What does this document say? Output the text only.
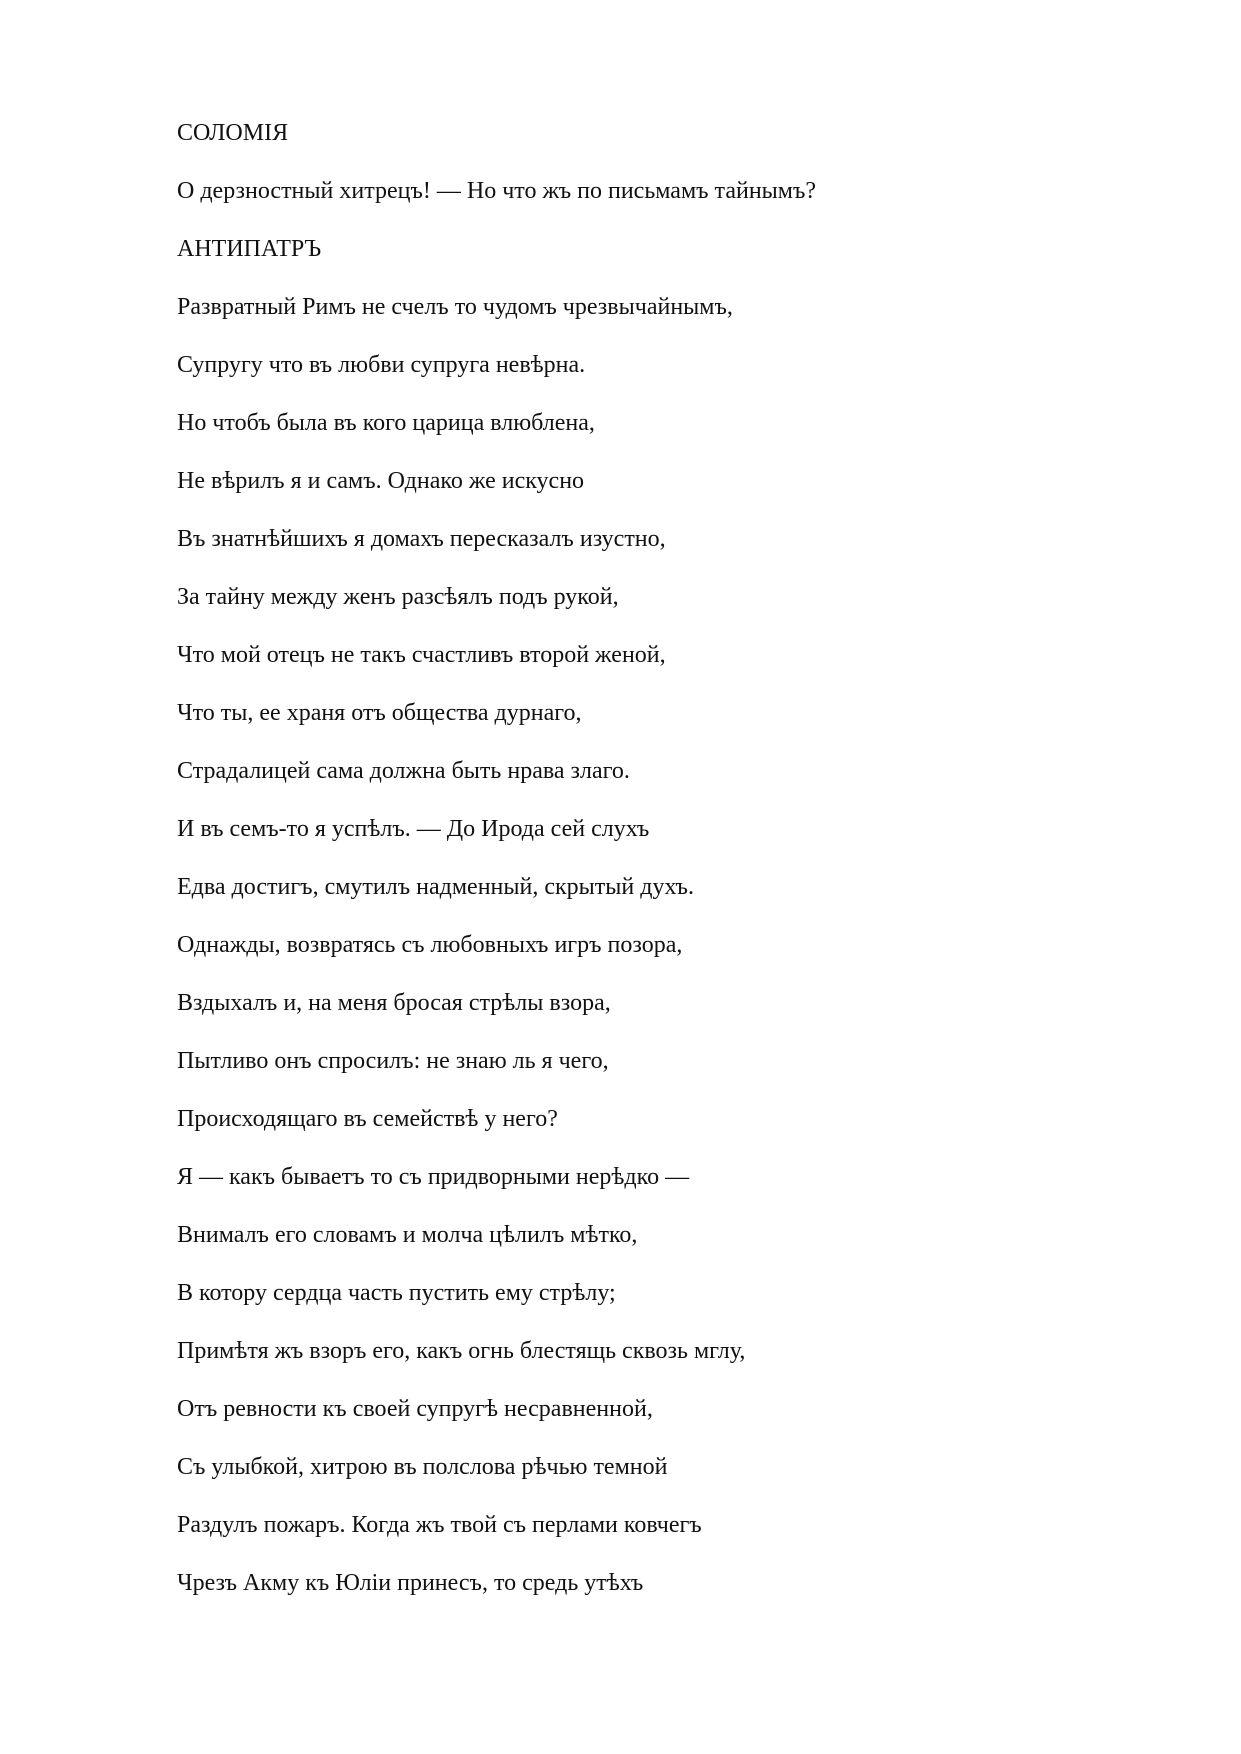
СОЛОМІЯ

О дерзностный хитрецъ! — Но что жъ по письмамъ тайнымъ?

АНТИПАТРЪ

Развратный Римъ не счелъ то чудомъ чрезвычайнымъ,

Супругу что въ любви супруга невѣрна.

Но чтобъ была въ кого царица влюблена,

Не вѣрилъ я и самъ. Однако же искусно

Въ знатнѣйшихъ я домахъ пересказалъ изустно,

За тайну между женъ разсѣялъ подъ рукой,

Что мой отецъ не такъ счастливъ второй женой,

Что ты, ее храня отъ общества дурнаго,

Страдалицей сама должна быть нрава злаго.

И въ семъ-то я успѣлъ. — До Ирода сей слухъ

Едва достигъ, смутилъ надменный, скрытый духъ.

Однажды, возвратясь съ любовныхъ игръ позора,

Вздыхалъ и, на меня бросая стрѣлы взора,

Пытливо онъ спросилъ: не знаю ль я чего,

Происходящаго въ семействѣ у него?

Я — какъ бываетъ то съ придворными нерѣдко —

Внималъ его словамъ и молча цѣлилъ мѣтко,

В котору сердца часть пустить ему стрѣлу;

Примѣтя жъ взоръ его, какъ огнь блестящь сквозь мглу,

Отъ ревности къ своей супругѣ несравненной,

Съ улыбкой, хитрою въ полслова рѣчью темной

Раздулъ пожаръ. Когда жъ твой съ перлами ковчегъ

Чрезъ Акму къ Юліи принесъ, то средь утѣхъ
